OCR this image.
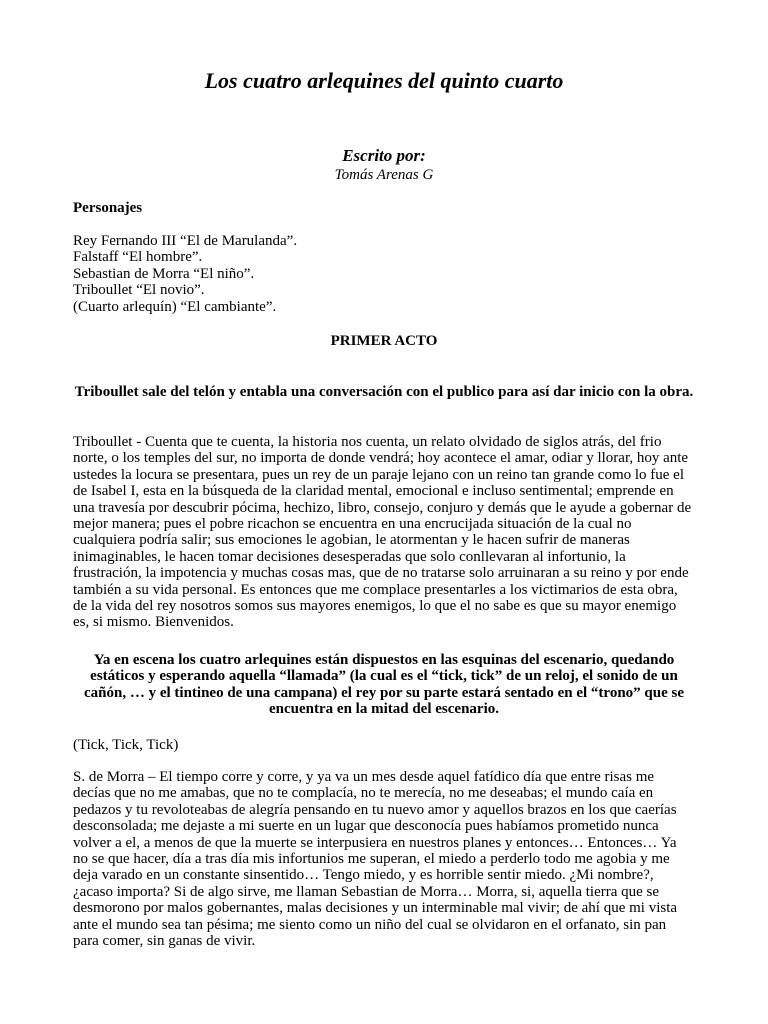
Los cuatro arlequines del quinto cuarto
Escrito por:
Tomás Arenas G
Personajes
Rey Fernando III “El de Marulanda”.
Falstaff “El hombre”.
Sebastian de Morra “El niño”.
Triboullet “El novio”.
(Cuarto arlequín) “El cambiante”.
PRIMER ACTO

Triboullet sale del telón y entabla una conversación con el publico para así dar inicio con la obra.

Triboullet - Cuenta que te cuenta, la historia nos cuenta, un relato olvidado de siglos atrás, del frio norte, o los temples del sur, no importa de donde vendrá; hoy acontece el amar, odiar y llorar, hoy ante ustedes la locura se presentara, pues un rey de un paraje lejano con un reino tan grande como lo fue el de Isabel I, esta en la búsqueda de la claridad mental, emocional e incluso sentimental; emprende en una travesía por descubrir pócima, hechizo, libro, consejo, conjuro y demás que le ayude a gobernar de mejor manera; pues el pobre ricachon se encuentra en una encrucijada situación de la cual no cualquiera podría salir; sus emociones le agobian, le atormentan y le hacen sufrir de maneras inimaginables, le hacen tomar decisiones desesperadas que solo conllevaran al infortunio, la frustración, la impotencia y muchas cosas mas, que de no tratarse solo arruinaran a su reino y por ende también a su vida personal. Es entonces que me complace presentarles a los victimarios de esta obra, de la vida del rey nosotros somos sus mayores enemigos, lo que el no sabe es que su mayor enemigo es, si mismo. Bienvenidos.

Ya en escena los cuatro arlequines están dispuestos en las esquinas del escenario, quedando estáticos y esperando aquella “llamada” (la cual es el “tick, tick” de un reloj, el sonido de un cañón, … y el tintineo de una campana) el rey por su parte estará sentado en el “trono” que se encuentra en la mitad del escenario.

(Tick, Tick, Tick)

S. de Morra – El tiempo corre y corre, y ya va un mes desde aquel fatídico día que entre risas me decías que no me amabas, que no te complacía, no te merecía, no me deseabas; el mundo caía en pedazos y tu revoloteabas de alegría pensando en tu nuevo amor y aquellos brazos en los que caerías desconsolada; me dejaste a mi suerte en un lugar que desconocía pues habíamos prometido nunca volver a el, a menos de que la muerte se interpusiera en nuestros planes y entonces… Entonces… Ya no se que hacer, día a tras día mis infortunios me superan, el miedo a perderlo todo me agobia y me deja varado en un constante sinsentido… Tengo miedo, y es horrible sentir miedo. ¿Mi nombre?, ¿acaso importa? Si de algo sirve, me llaman Sebastian de Morra… Morra, si, aquella tierra que se desmorono por malos gobernantes, malas decisiones y un interminable mal vivir; de ahí que mi vista ante el mundo sea tan pésima; me siento como un niño del cual se olvidaron en el orfanato, sin pan para comer, sin ganas de vivir.
